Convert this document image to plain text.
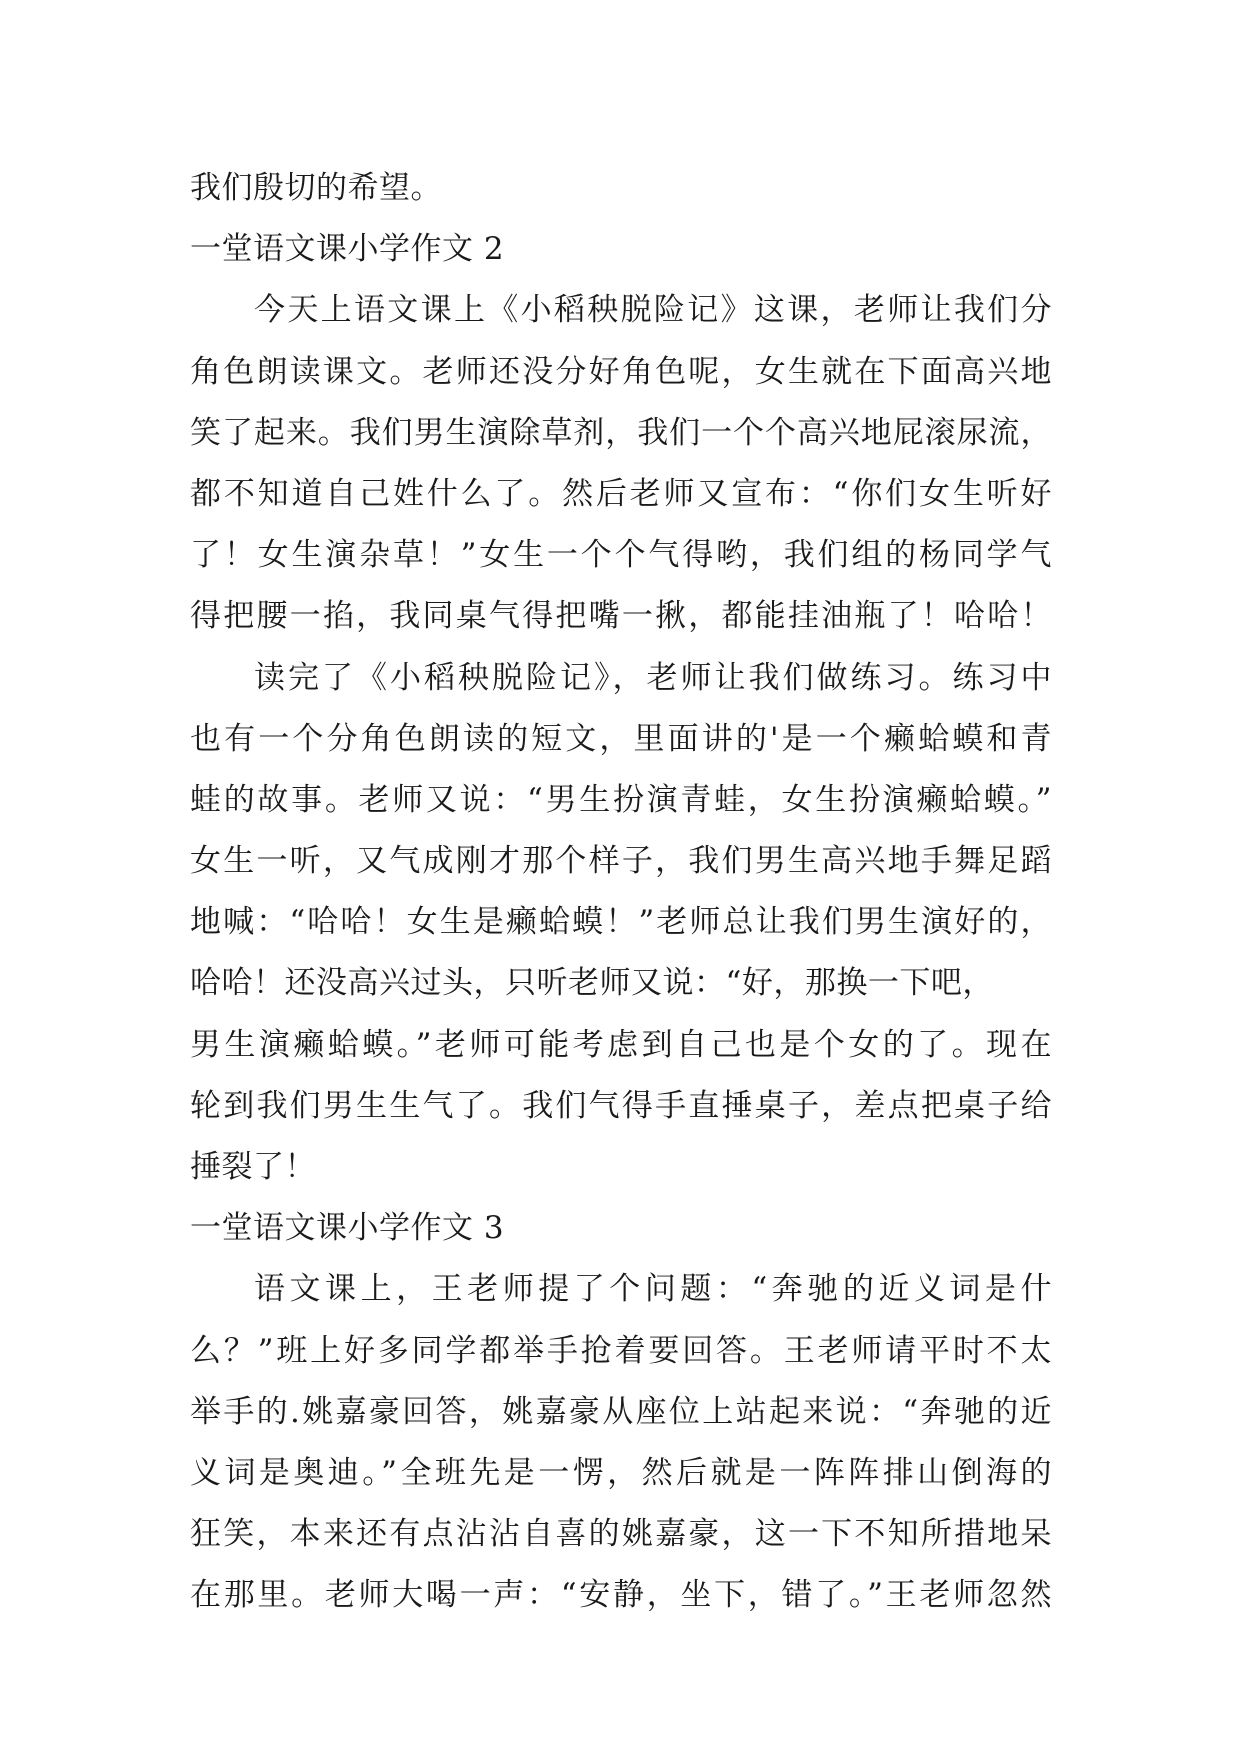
我们殷切的希望。
一堂语文课小学作文 2
今天上语文课上《小稻秧脱险记》这课，老师让我们分
角色朗读课文。老师还没分好角色呢，女生就在下面高兴地
笑了起来。我们男生演除草剂，我们一个个高兴地屁滚尿流，
都不知道自己姓什么了。然后老师又宣布：“你们女生听好
了！女生演杂草！”女生一个个气得哟，我们组的杨同学气
得把腰一掐，我同桌气得把嘴一揪，都能挂油瓶了！哈哈！
读完了《小稻秧脱险记》，老师让我们做练习。练习中
也有一个分角色朗读的短文，里面讲的'是一个癞蛤蟆和青
蛙的故事。老师又说：“男生扮演青蛙，女生扮演癞蛤蟆。”
女生一听，又气成刚才那个样子，我们男生高兴地手舞足蹈
地喊：“哈哈！女生是癞蛤蟆！”老师总让我们男生演好的，
哈哈！还没高兴过头，只听老师又说：“好，那换一下吧，
男生演癞蛤蟆。”老师可能考虑到自己也是个女的了。现在
轮到我们男生生气了。我们气得手直捶桌子，差点把桌子给
捶裂了！
一堂语文课小学作文 3
语文课上，王老师提了个问题：“奔驰的近义词是什
么？”班上好多同学都举手抢着要回答。王老师请平时不太
举手的.姚嘉豪回答，姚嘉豪从座位上站起来说：“奔驰的近
义词是奥迪。”全班先是一愣，然后就是一阵阵排山倒海的
狂笑，本来还有点沾沾自喜的姚嘉豪，这一下不知所措地呆
在那里。老师大喝一声：“安静，坐下，错了。”王老师忽然
